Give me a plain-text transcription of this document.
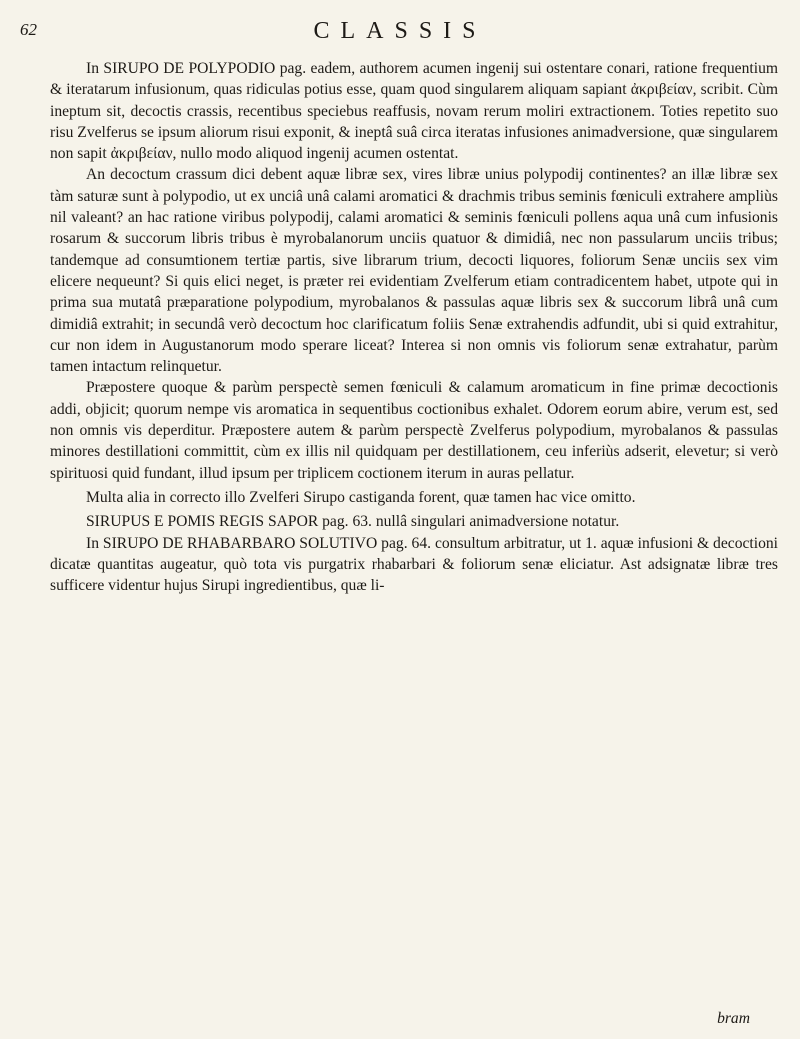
62	CLASSIS

In SIRUPO DE POLYPODIO pag. eadem, authorem acumen ingenij sui ostentare conari, ratione frequentium & iteratarum infusionum, quas ridiculas potius esse, quam quod singularem aliquam sapiant ἀκριβείαν, scribit. Cùm ineptum sit, decoctis crassis, recentibus speciebus reaffusis, novam rerum moliri extractionem. Toties repetito suo risu Zvelferus se ipsum aliorum risui exponit, & ineptâ suâ circa iteratas infusiones animadversione, quæ singularem non sapit ἀκριβείαν, nullo modo aliquod ingenij acumen ostentat.

An decoctum crassum dici debent aquæ libræ sex, vires libræ unius polypodij continentes? an illæ libræ sex tàm saturæ sunt à polypodio, ut ex unciâ unâ calami aromatici & drachmis tribus seminis fœniculi extrahere ampliùs nil valeant? an hac ratione viribus polypodij, calami aromatici & seminis fœniculi pollens aqua unâ cum infusionis rosarum & succorum libris tribus è myrobalanorum unciis quatuor & dimidiâ, nec non passularum unciis tribus; tandemque ad consumtionem tertiæ partis, sive librarum trium, decocti liquores, foliorum Senæ unciis sex vim elicere nequeunt? Si quis elici neget, is præter rei evidentiam Zvelferum etiam contradicentem habet, utpote qui in prima sua mutatâ præparatione polypodium, myrobalanos & passulas aquæ libris sex & succorum librâ unâ cum dimidiâ extrahit; in secundâ verò decoctum hoc clarificatum foliis Senæ extrahendis adfundit, ubi si quid extrahitur, cur non idem in Augustanorum modo sperare liceat? Interea si non omnis vis foliorum senæ extrahatur, parùm tamen intactum relinquetur.

Præpostere quoque & parùm perspectè semen fœniculi & calamum aromaticum in fine primæ decoctionis addi, objicit; quorum nempe vis aromatica in sequentibus coctionibus exhalet. Odorem eorum abire, verum est, sed non omnis vis deperditur. Præpostere autem & parùm perspectè Zvelferus polypodium, myrobalanos & passulas minores destillationi committit, cùm ex illis nil quidquam per destillationem, ceu inferiùs adserit, elevetur; si verò spirituosi quid fundant, illud ipsum per triplicem coctionem iterum in auras pellatur.

Multa alia in correcto illo Zvelferi Sirupo castiganda forent, quæ tamen hac vice omitto.

SIRUPUS E POMIS REGIS SAPOR pag. 63. nullâ singulari animadversione notatur.

In SIRUPO DE RHABARBARO SOLUTIVO pag. 64. consultum arbitratur, ut 1. aquæ infusioni & decoctioni dicatæ quantitas augeatur, quò tota vis purgatrix rhabarbari & foliorum senæ eliciatur. Ast adsignatæ libræ tres sufficere videntur hujus Sirupi ingredientibus, quæ li-

bram
